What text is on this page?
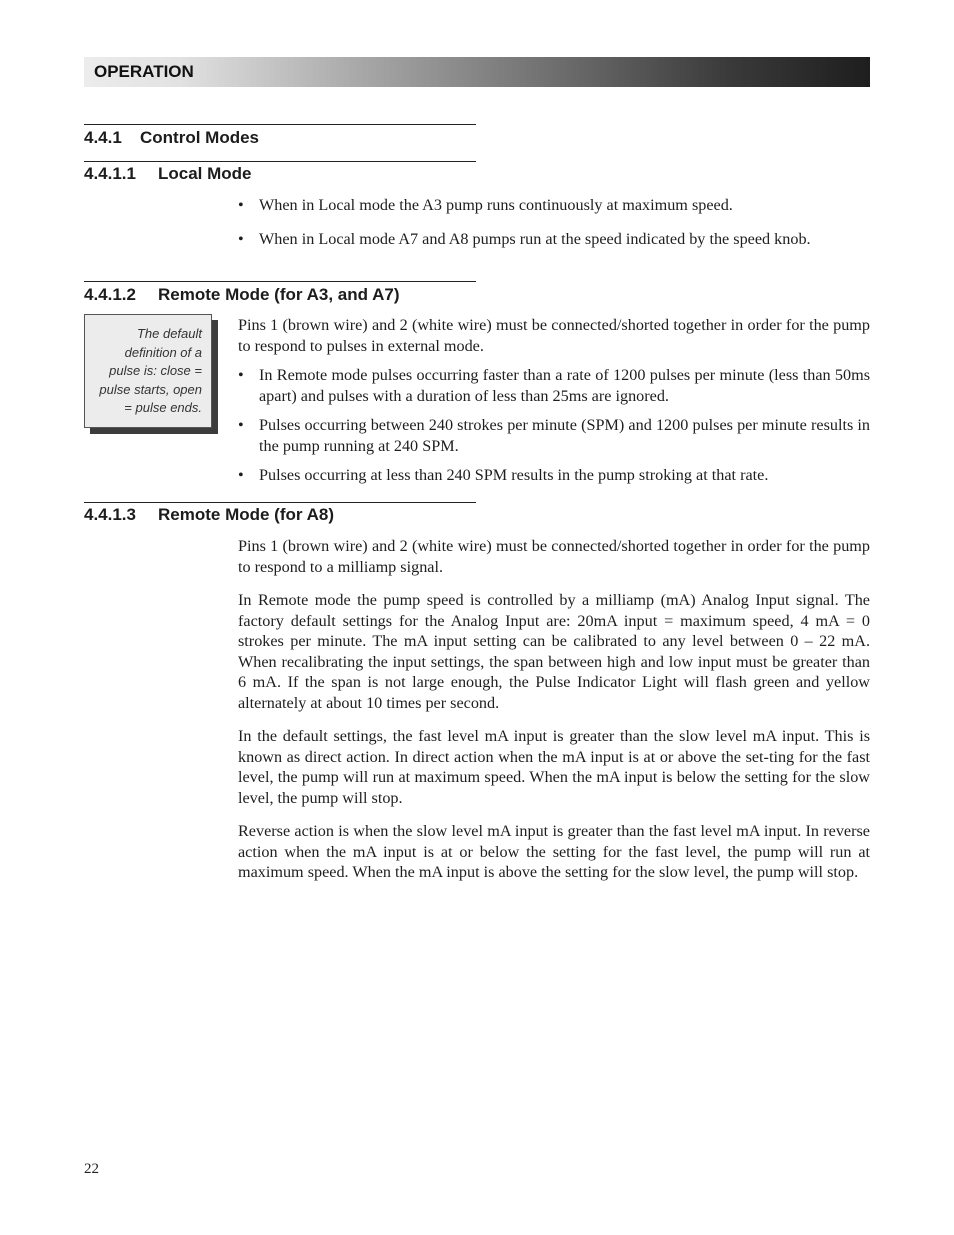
OPERATION
4.4.1 Control Modes
4.4.1.1 Local Mode
• When in Local mode the A3 pump runs continuously at maximum speed.
• When in Local mode A7 and A8 pumps run at the speed indicated by the speed knob.
4.4.1.2 Remote Mode (for A3, and A7)
The default definition of a pulse is: close = pulse starts, open = pulse ends.
Pins 1 (brown wire) and 2 (white wire) must be connected/shorted together in order for the pump to respond to pulses in external mode.
• In Remote mode pulses occurring faster than a rate of 1200 pulses per minute (less than 50ms apart) and pulses with a duration of less than 25ms are ignored.
• Pulses occurring between 240 strokes per minute (SPM) and 1200 pulses per minute results in the pump running at 240 SPM.
• Pulses occurring at less than 240 SPM results in the pump stroking at that rate.
4.4.1.3 Remote Mode (for A8)
Pins 1 (brown wire) and 2 (white wire) must be connected/shorted together in order for the pump to respond to a milliamp signal.
In Remote mode the pump speed is controlled by a milliamp (mA) Analog Input signal. The factory default settings for the Analog Input are: 20mA input = maximum speed, 4 mA = 0 strokes per minute. The mA input setting can be calibrated to any level between 0 – 22 mA. When recalibrating the input settings, the span between high and low input must be greater than 6 mA. If the span is not large enough, the Pulse Indicator Light will flash green and yellow alternately at about 10 times per second.
In the default settings, the fast level mA input is greater than the slow level mA input. This is known as direct action. In direct action when the mA input is at or above the set-ting for the fast level, the pump will run at maximum speed. When the mA input is below the setting for the slow level, the pump will stop.
Reverse action is when the slow level mA input is greater than the fast level mA input. In reverse action when the mA input is at or below the setting for the fast level, the pump will run at maximum speed. When the mA input is above the setting for the slow level, the pump will stop.
22
